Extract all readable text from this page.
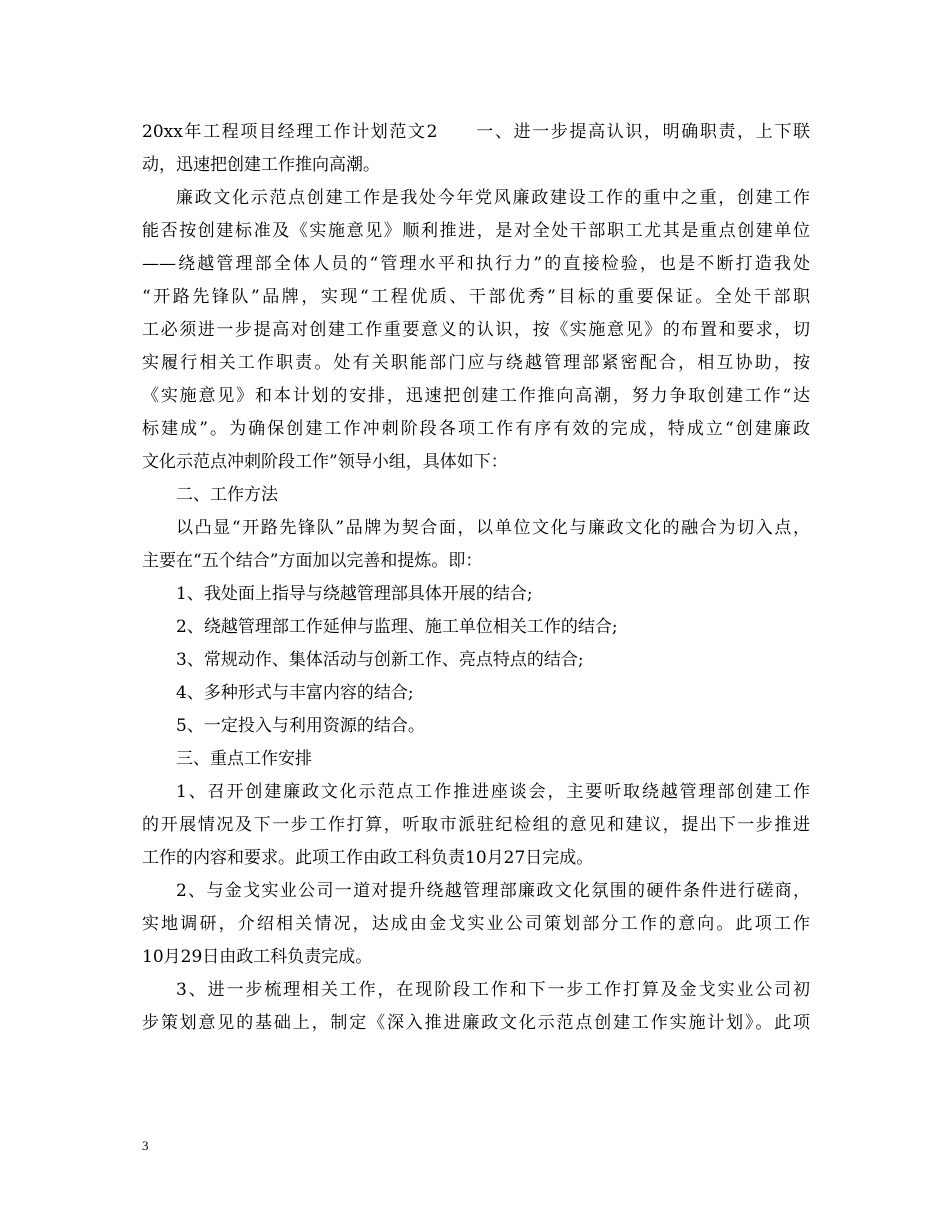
20xx年工程项目经理工作计划范文2　　一、进一步提高认识，明确职责，上下联
动，迅速把创建工作推向高潮。
廉政文化示范点创建工作是我处今年党风廉政建设工作的重中之重，创建工作
能否按创建标准及《实施意见》顺利推进，是对全处干部职工尤其是重点创建单位
——绕越管理部全体人员的“管理水平和执行力”的直接检验，也是不断打造我处
“开路先锋队”品牌，实现“工程优质、干部优秀”目标的重要保证。全处干部职
工必须进一步提高对创建工作重要意义的认识，按《实施意见》的布置和要求，切
实履行相关工作职责。处有关职能部门应与绕越管理部紧密配合，相互协助，按
《实施意见》和本计划的安排，迅速把创建工作推向高潮，努力争取创建工作“达
标建成”。为确保创建工作冲刺阶段各项工作有序有效的完成，特成立“创建廉政
文化示范点冲刺阶段工作”领导小组，具体如下：
二、工作方法
以凸显“开路先锋队”品牌为契合面，以单位文化与廉政文化的融合为切入点，
主要在“五个结合”方面加以完善和提炼。即：
1、我处面上指导与绕越管理部具体开展的结合;
2、绕越管理部工作延伸与监理、施工单位相关工作的结合;
3、常规动作、集体活动与创新工作、亮点特点的结合;
4、多种形式与丰富内容的结合;
5、一定投入与利用资源的结合。
三、重点工作安排
1、召开创建廉政文化示范点工作推进座谈会，主要听取绕越管理部创建工作
的开展情况及下一步工作打算，听取市派驻纪检组的意见和建议，提出下一步推进
工作的内容和要求。此项工作由政工科负责10月27日完成。
2、与金戈实业公司一道对提升绕越管理部廉政文化氛围的硬件条件进行磋商，
实地调研，介绍相关情况，达成由金戈实业公司策划部分工作的意向。此项工作
10月29日由政工科负责完成。
3、进一步梳理相关工作，在现阶段工作和下一步工作打算及金戈实业公司初
步策划意见的基础上，制定《深入推进廉政文化示范点创建工作实施计划》。此项
3
